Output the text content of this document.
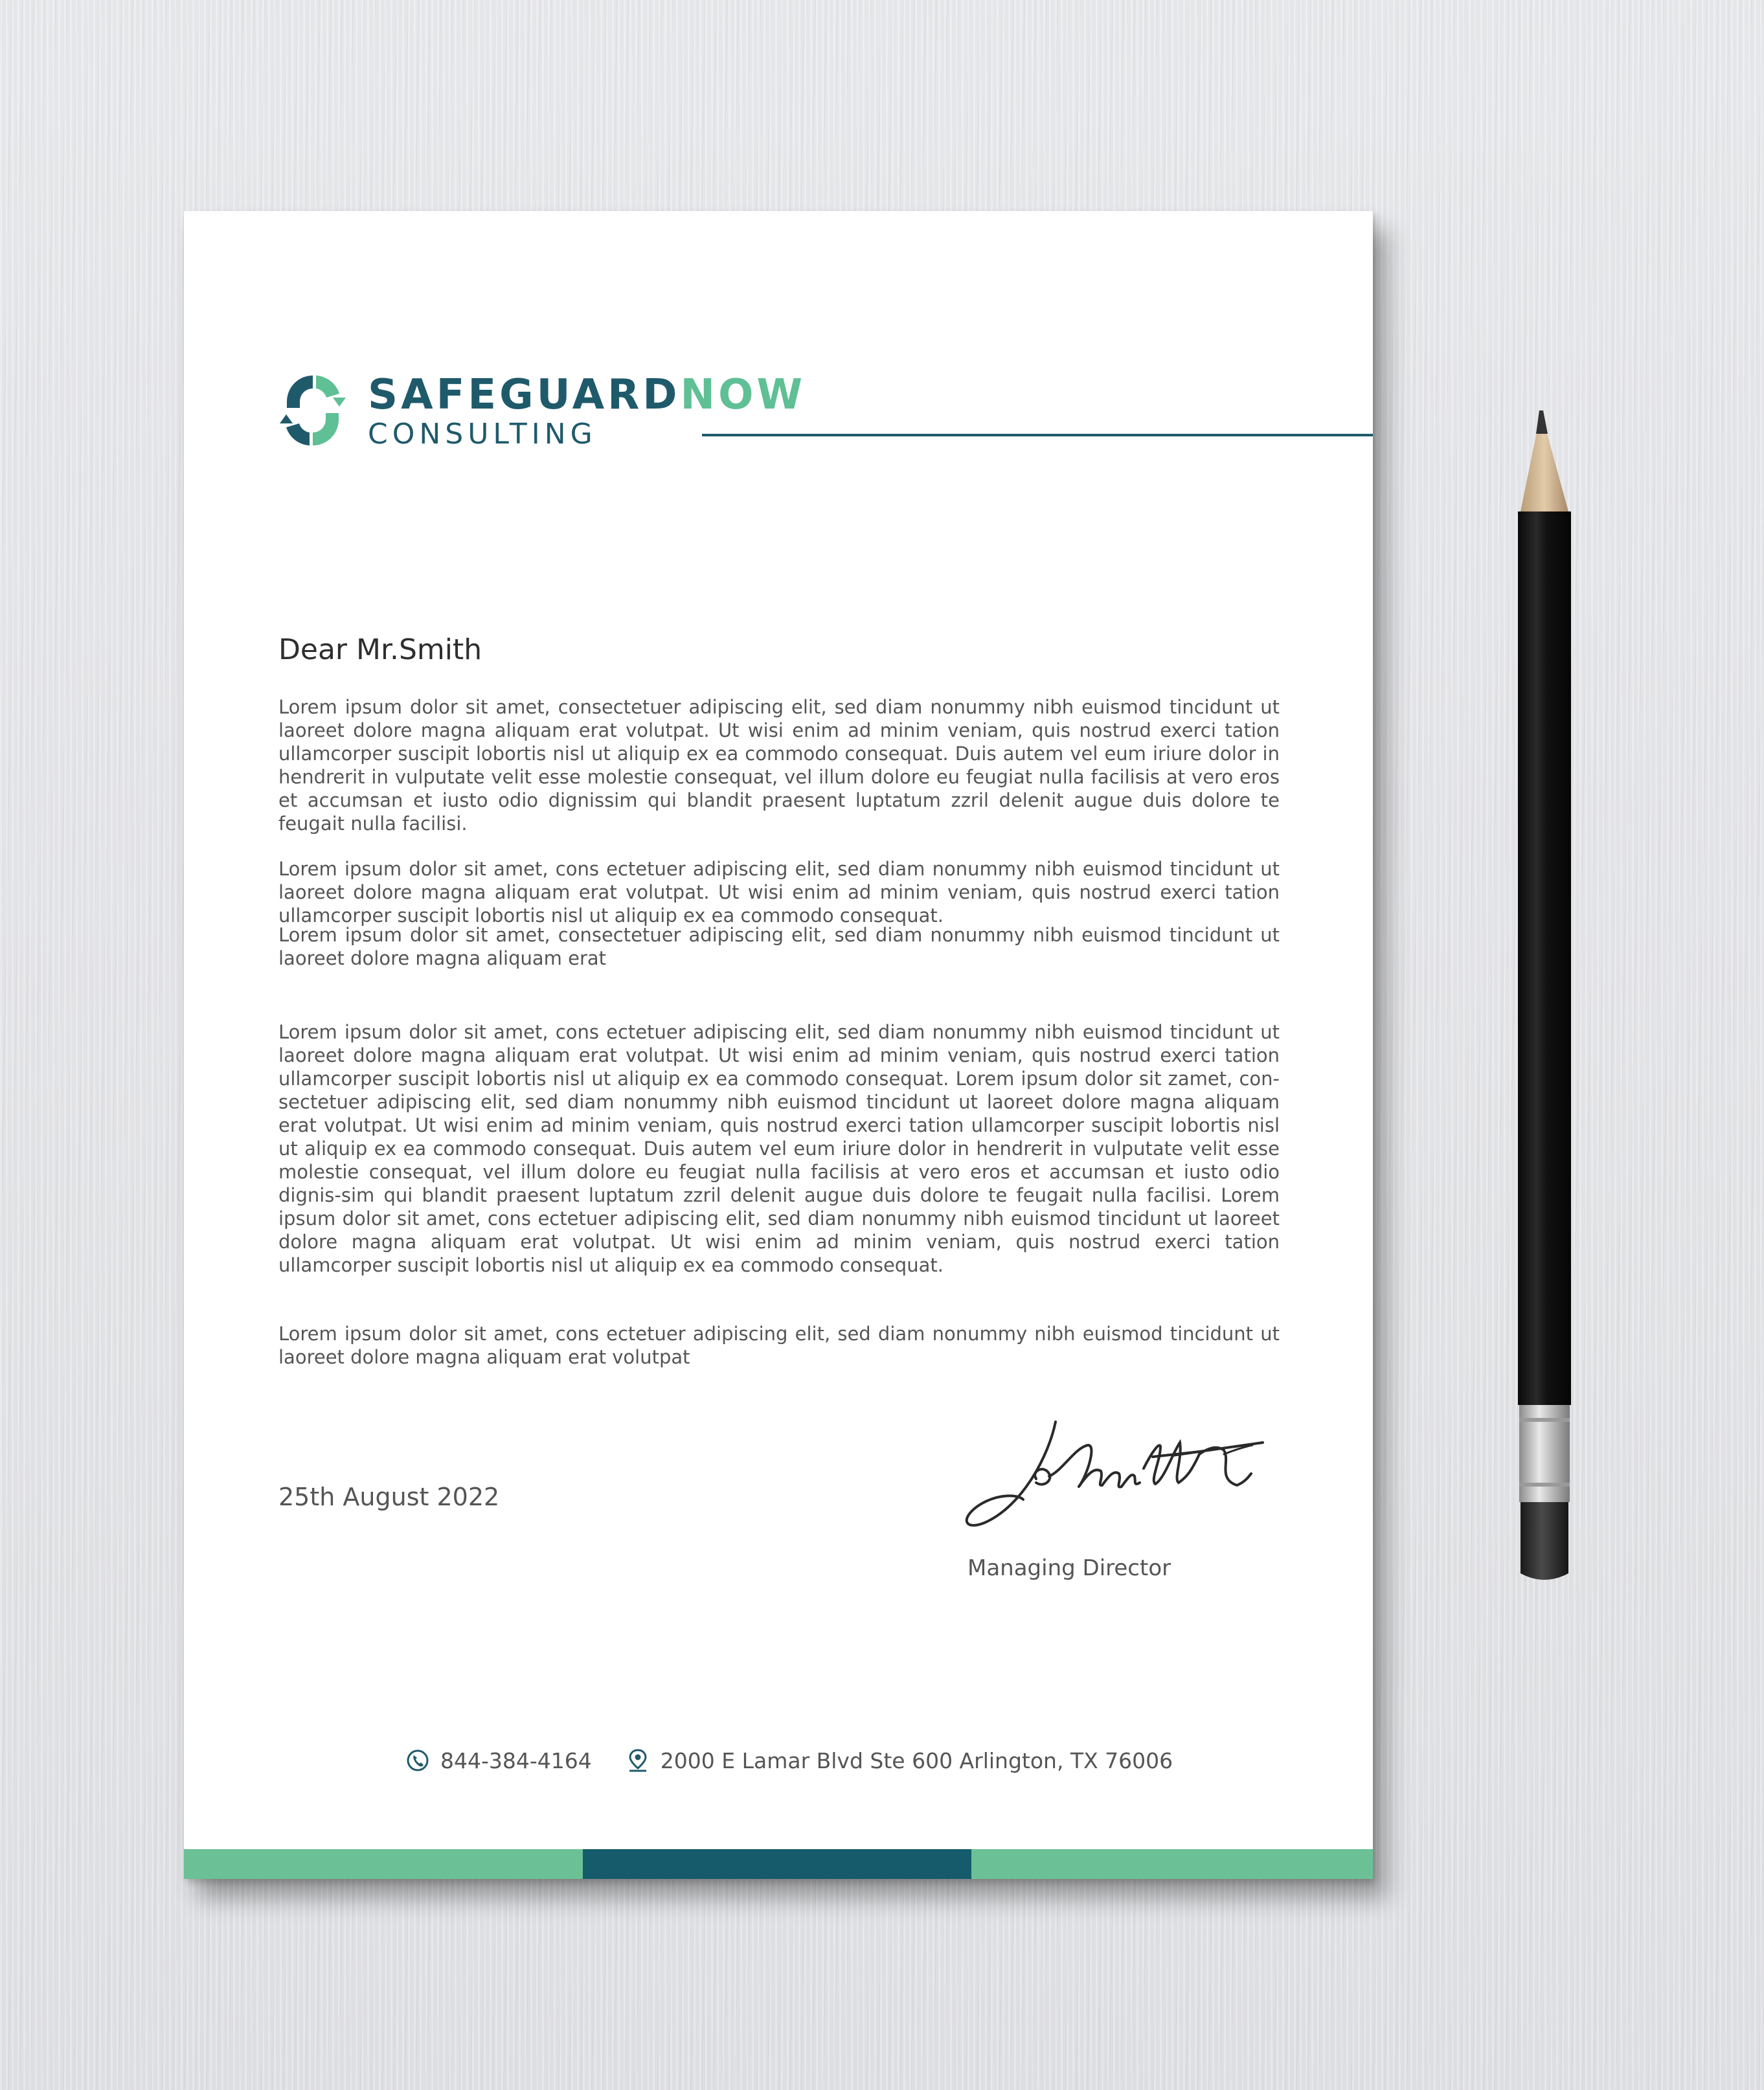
SAFEGUARDNOW
CONSULTING
Dear Mr.Smith

Lorem ipsum dolor sit amet, consectetuer adipiscing elit, sed diam nonummy nibh euismod tincidunt ut laoreet dolore magna aliquam erat volutpat. Ut wisi enim ad minim veniam, quis nostrud exerci tation ullamcorper suscipit lobortis nisl ut aliquip ex ea commodo consequat. Duis autem vel eum iriure dolor in hendrerit in vulputate velit esse molestie consequat, vel illum dolore eu feugiat nulla facilisis at vero eros et accumsan et iusto odio dignissim qui blandit praesent luptatum zzril delenit augue duis dolore te feugait nulla facilisi.

Lorem ipsum dolor sit amet, cons ectetuer adipiscing elit, sed diam nonummy nibh euismod tincidunt ut laoreet dolore magna aliquam erat volutpat. Ut wisi enim ad minim veniam, quis nostrud exerci tation ullamcorper suscipit lobortis nisl ut aliquip ex ea commodo consequat.

Lorem ipsum dolor sit amet, consectetuer adipiscing elit, sed diam nonummy nibh euismod tincidunt ut laoreet dolore magna aliquam erat

Lorem ipsum dolor sit amet, cons ectetuer adipiscing elit, sed diam nonummy nibh euismod tincidunt ut laoreet dolore magna aliquam erat volutpat. Ut wisi enim ad minim veniam, quis nostrud exerci tation ullamcorper suscipit lobortis nisl ut aliquip ex ea commodo consequat. Lorem ipsum dolor sit zamet, con-sectetuer adipiscing elit, sed diam nonummy nibh euismod tincidunt ut laoreet dolore magna aliquam erat volutpat. Ut wisi enim ad minim veniam, quis nostrud exerci tation ullamcorper suscipit lobortis nisl ut aliquip ex ea commodo consequat. Duis autem vel eum iriure dolor in hendrerit in vulputate velit esse molestie consequat, vel illum dolore eu feugiat nulla facilisis at vero eros et accumsan et iusto odio dignis-sim qui blandit praesent luptatum zzril delenit augue duis dolore te feugait nulla facilisi. Lorem ipsum dolor sit amet, cons ectetuer adipiscing elit, sed diam nonummy nibh euismod tincidunt ut laoreet dolore magna aliquam erat volutpat. Ut wisi enim ad minim veniam, quis nostrud exerci tation ullamcorper suscipit lobortis nisl ut aliquip ex ea commodo consequat.

Lorem ipsum dolor sit amet, cons ectetuer adipiscing elit, sed diam nonummy nibh euismod tincidunt ut laoreet dolore magna aliquam erat volutpat

25th August 2022
Managing Director
844-384-4164	2000 E Lamar Blvd Ste 600 Arlington, TX 76006
